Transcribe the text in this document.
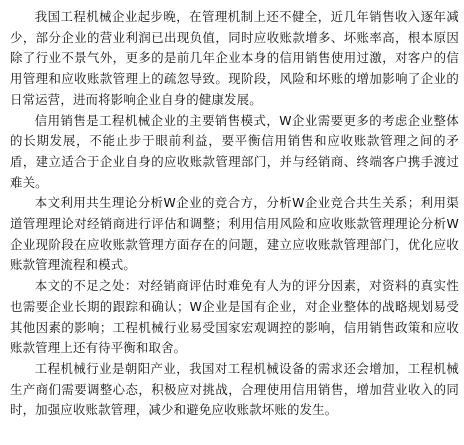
我国工程机械企业起步晚，在管理机制上还不健全，近几年销售收入逐年减少，部分企业的营业利润已出现负值，同时应收账款增多、坏账率高，根本原因除了行业不景气外，更多的是前几年企业本身的信用销售使用过激，对客户的信用管理和应收账款管理上的疏忽导致。现阶段，风险和坏账的增加影响了企业的日常运营，进而将影响企业自身的健康发展。

信用销售是工程机械企业的主要销售模式，W企业需要更多的考虑企业整体的长期发展，不能止步于眼前利益，要平衡信用销售和应收账款管理之间的矛盾，建立适合于企业自身的应收账款管理部门，并与经销商、终端客户携手渡过难关。

本文利用共生理论分析W企业的竞合方，分析W企业竞合共生关系；利用渠道管理理论对经销商进行评估和调整；利用信用风险和应收账款管理理论分析W企业现阶段在应收账款管理方面存在的问题，建立应收账款管理部门，优化应收账款管理流程和模式。

本文的不足之处：对经销商评估时难免有人为的评分因素，对资料的真实性也需要企业长期的跟踪和确认；W企业是国有企业，对企业整体的战略规划易受其他因素的影响；工程机械行业易受国家宏观调控的影响，信用销售政策和应收账款管理上还有待平衡和取舍。

工程机械行业是朝阳产业，我国对工程机械设备的需求还会增加，工程机械生产商们需要调整心态，积极应对挑战，合理使用信用销售，增加营业收入的同时，加强应收账款管理，减少和避免应收账款坏账的发生。
